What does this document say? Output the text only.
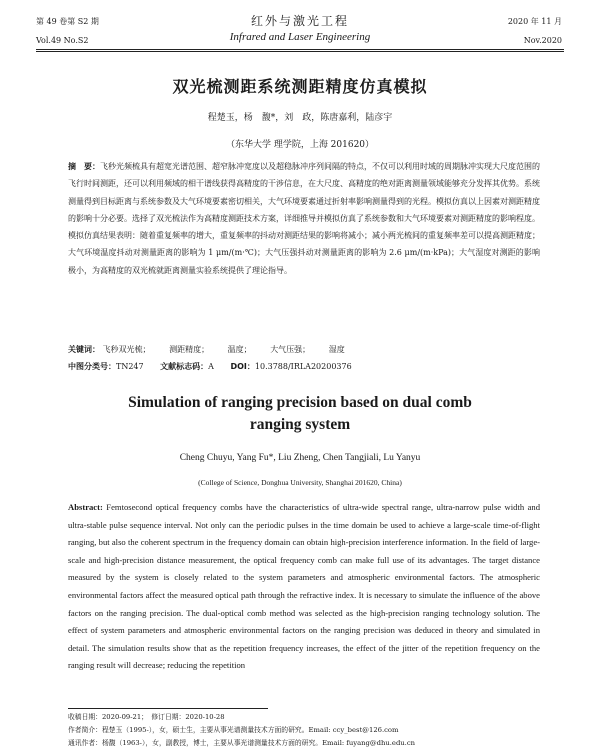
第 49 卷第 S2 期	红外与激光工程	2020 年 11 月
Vol.49 No.S2	Infrared and Laser Engineering	Nov.2020
双光梳测距系统测距精度仿真模拟
程楚玉，杨　馥*，刘　政，陈唐嘉利，陆彦宇
（东华大学 理学院，上海 201620）
摘　要：飞秒光频梳具有超宽光谱范围、超窄脉冲宽度以及超稳脉冲序列间隔的特点，不仅可以利用时域的周期脉冲实现大尺度范围的飞行时间测距，还可以利用频域的相干谱线获得高精度的干涉信息，在大尺度、高精度的绝对距离测量领域能够充分发挥其优势。系统测量得到目标距离与系统参数及大气环境要素密切相关，大气环境要素通过折射率影响测量得到的光程。模拟仿真以上因素对测距精度的影响十分必要。选择了双光梳法作为高精度测距技术方案，详细推导并模拟仿真了系统参数和大气环境要素对测距精度的影响程度。模拟仿真结果表明：随着重复频率的增大，重复频率的抖动对测距结果的影响将减小；减小两光梳间的重复频率差可以提高测距精度；大气环境温度抖动对测量距离的影响为 1 μm/(m·℃)；大气压强抖动对测量距离的影响为 2.6 μm/(m·kPa)；大气湿度对测距的影响极小，为高精度的双光梳就距离测量实验系统提供了理论指导。
关键词： 飞秒双光梳； 测距精度； 温度； 大气压强； 湿度
中图分类号：TN247 文献标志码：A DOI：10.3788/IRLA20200376
Simulation of ranging precision based on dual comb
ranging system
Cheng Chuyu, Yang Fu*, Liu Zheng, Chen Tangjiali, Lu Yanyu
(College of Science, Donghua University, Shanghai 201620, China)
Abstract: Femtosecond optical frequency combs have the characteristics of ultra-wide spectral range, ultra-narrow pulse width and ultra-stable pulse sequence interval. Not only can the periodic pulses in the time domain be used to achieve a large-scale time-of-flight ranging, but also the coherent spectrum in the frequency domain can obtain high-precision interference information. In the field of large-scale and high-precision distance measurement, the optical frequency comb can make full use of its advantages. The target distance measured by the system is closely related to the system parameters and atmospheric environmental factors. The atmospheric environmental factors affect the measured optical path through the refractive index. It is necessary to simulate the influence of the above factors on the ranging precision. The dual-optical comb method was selected as the high-precision ranging technology solution. The effect of system parameters and atmospheric environmental factors on the ranging precision was deduced in theory and simulated in detail. The simulation results show that as the repetition frequency increases, the effect of the jitter of the repetition frequency on the ranging result will decrease; reducing the repetition
收稿日期：2020-09-21；　修订日期：2020-10-28
作者简介：程楚玉（1995-），女，硕士生，主要从事光谱测量技术方面的研究。Email: ccy_best@126.com
通讯作者：杨馥（1963-），女，副教授，博士，主要从事光谱测量技术方面的研究。Email: fuyang@dhu.edu.cn
